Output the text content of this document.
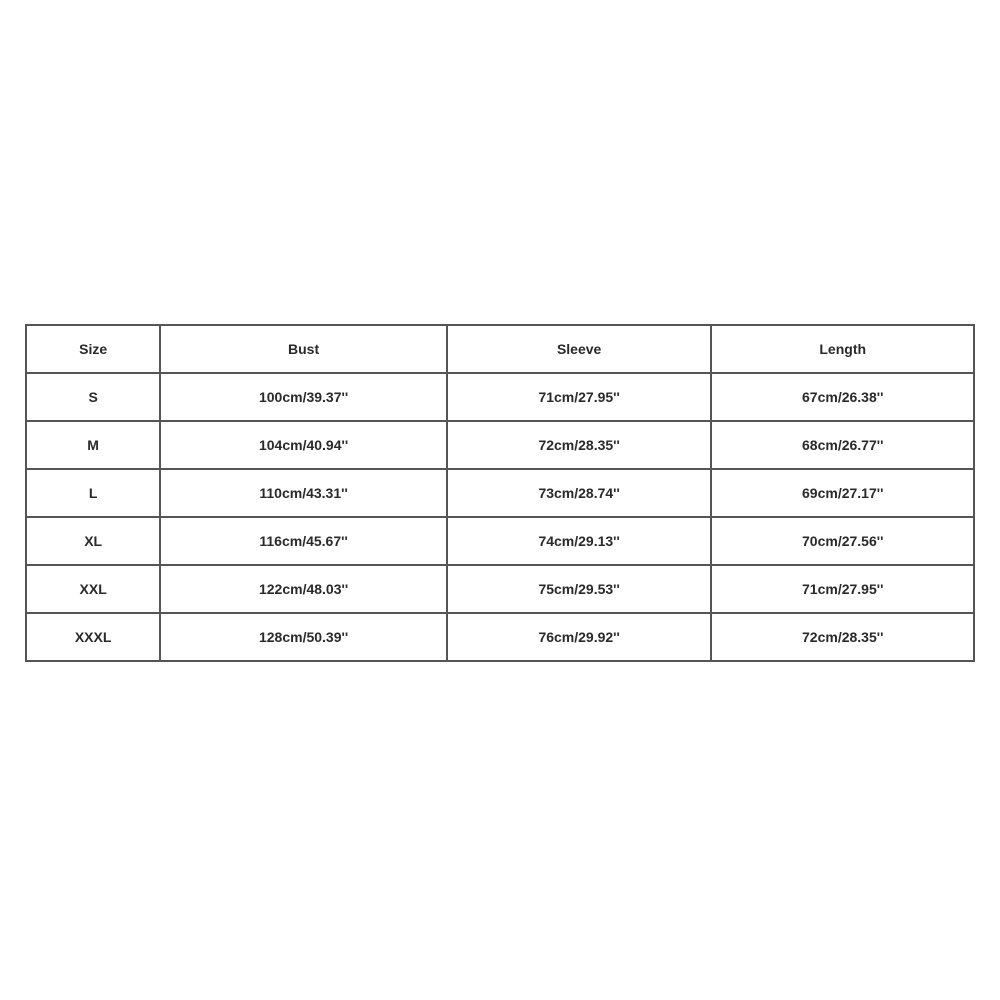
Size	Bust	Sleeve	Length
S	100cm/39.37''	71cm/27.95''	67cm/26.38''
M	104cm/40.94''	72cm/28.35''	68cm/26.77''
L	110cm/43.31''	73cm/28.74''	69cm/27.17''
XL	116cm/45.67''	74cm/29.13''	70cm/27.56''
XXL	122cm/48.03''	75cm/29.53''	71cm/27.95''
XXXL	128cm/50.39''	76cm/29.92''	72cm/28.35''
